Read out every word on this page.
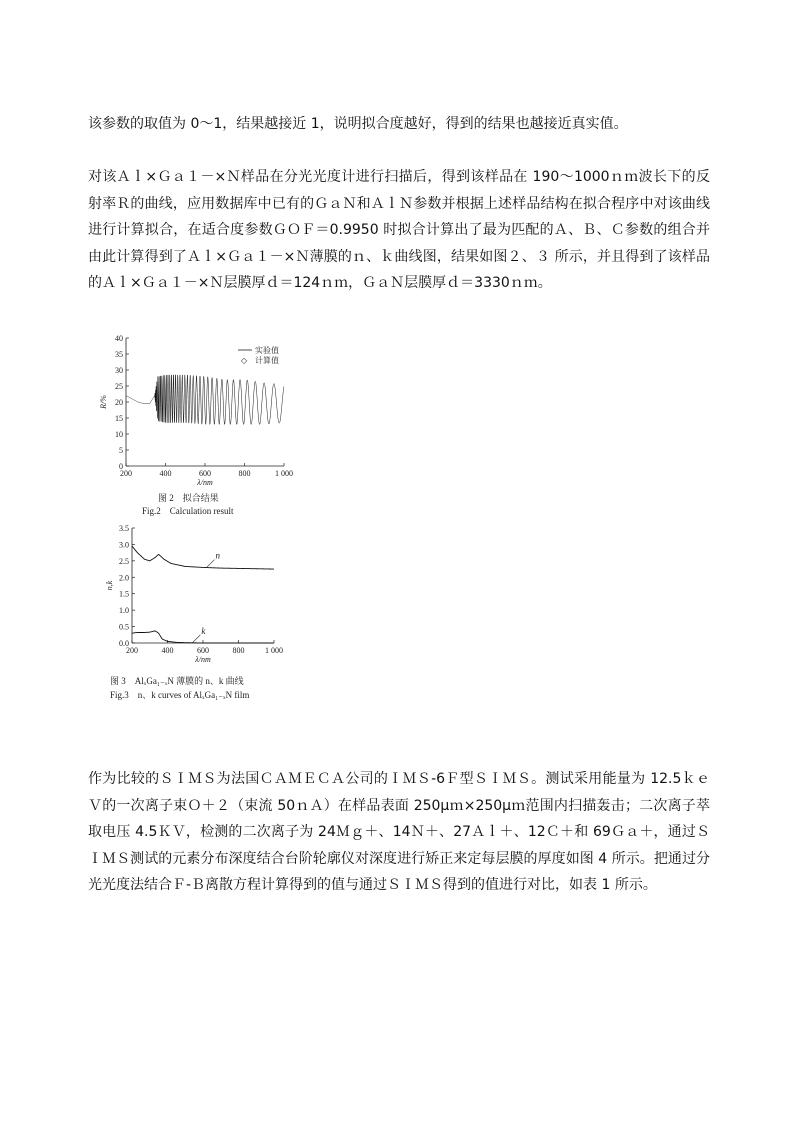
该参数的取值为 0～1，结果越接近 1，说明拟合度越好，得到的结果也越接近真实值。

对该Ａｌ×Ｇａ１－×Ｎ样品在分光光度计进行扫描后，得到该样品在 190～1000ｎｍ波长下的反射率Ｒ的曲线，应用数据库中已有的ＧａＮ和ＡｌＮ参数并根据上述样品结构在拟合程序中对该曲线进行计算拟合，在适合度参数ＧＯＦ＝0.9950 时拟合计算出了最为匹配的Ａ、Ｂ、Ｃ参数的组合并由此计算得到了Ａｌ×Ｇａ１－×Ｎ薄膜的ｎ、ｋ曲线图，结果如图２、３ 所示，并且得到了该样品的Ａｌ×Ｇａ１－×Ｎ层膜厚ｄ＝124ｎｍ，ＧａＮ层膜厚ｄ＝3330ｎｍ。

200	400	600	800	1 000
0
5
10
15
20
25
30
35
40
λ/nm
R/%
实验值
◇ 计算值
图 2　拟合结果
Fig.2　Calculation result
200	400	600	800	1 000
0.0
0.5
1.0
1.5
2.0
2.5
3.0
3.5
λ/nm
n,k
n
k
图 3　AlₓGa₁₋ₓN 薄膜的 n、k 曲线
Fig.3　n、k curves of AlₓGa₁₋ₓN film

作为比较的ＳＩＭＳ为法国ＣＡＭＥＣＡ公司的ＩＭＳ-6Ｆ型ＳＩＭＳ。测试采用能量为 12.5ｋｅＶ的一次离子束Ｏ＋２（束流 50ｎＡ）在样品表面 250μｍ×250μｍ范围内扫描轰击；二次离子萃取电压 4.5ＫＶ，检测的二次离子为 24Ｍｇ＋、14Ｎ＋、27Ａｌ＋、12Ｃ＋和 69Ｇａ＋，通过ＳＩＭＳ测试的元素分布深度结合台阶轮廓仪对深度进行矫正来定每层膜的厚度如图 4 所示。把通过分光光度法结合Ｆ-Ｂ离散方程计算得到的值与通过ＳＩＭＳ得到的值进行对比，如表 1 所示。
